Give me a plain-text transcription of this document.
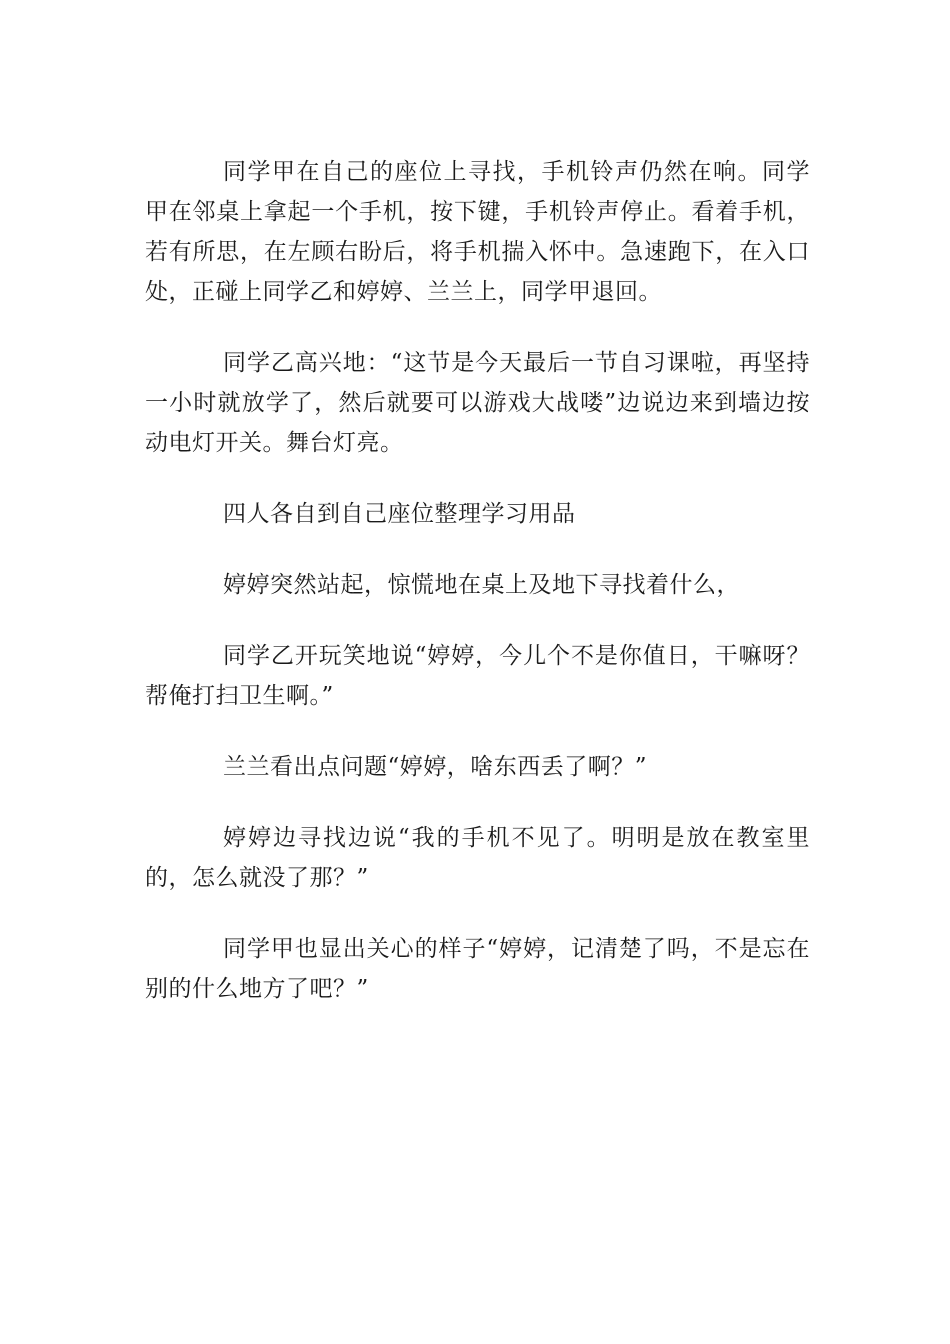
同学甲在自己的座位上寻找，手机铃声仍然在响。同学甲在邻桌上拿起一个手机，按下键，手机铃声停止。看着手机，若有所思，在左顾右盼后，将手机揣入怀中。急速跑下，在入口处，正碰上同学乙和婷婷、兰兰上，同学甲退回。

同学乙高兴地：“这节是今天最后一节自习课啦，再坚持一小时就放学了，然后就要可以游戏大战喽”边说边来到墙边按动电灯开关。舞台灯亮。

四人各自到自己座位整理学习用品

婷婷突然站起，惊慌地在桌上及地下寻找着什么，

同学乙开玩笑地说“婷婷，今儿个不是你值日，干嘛呀？帮俺打扫卫生啊。”

兰兰看出点问题“婷婷，啥东西丢了啊？”

婷婷边寻找边说“我的手机不见了。明明是放在教室里的，怎么就没了那？”

同学甲也显出关心的样子“婷婷，记清楚了吗，不是忘在别的什么地方了吧？”
